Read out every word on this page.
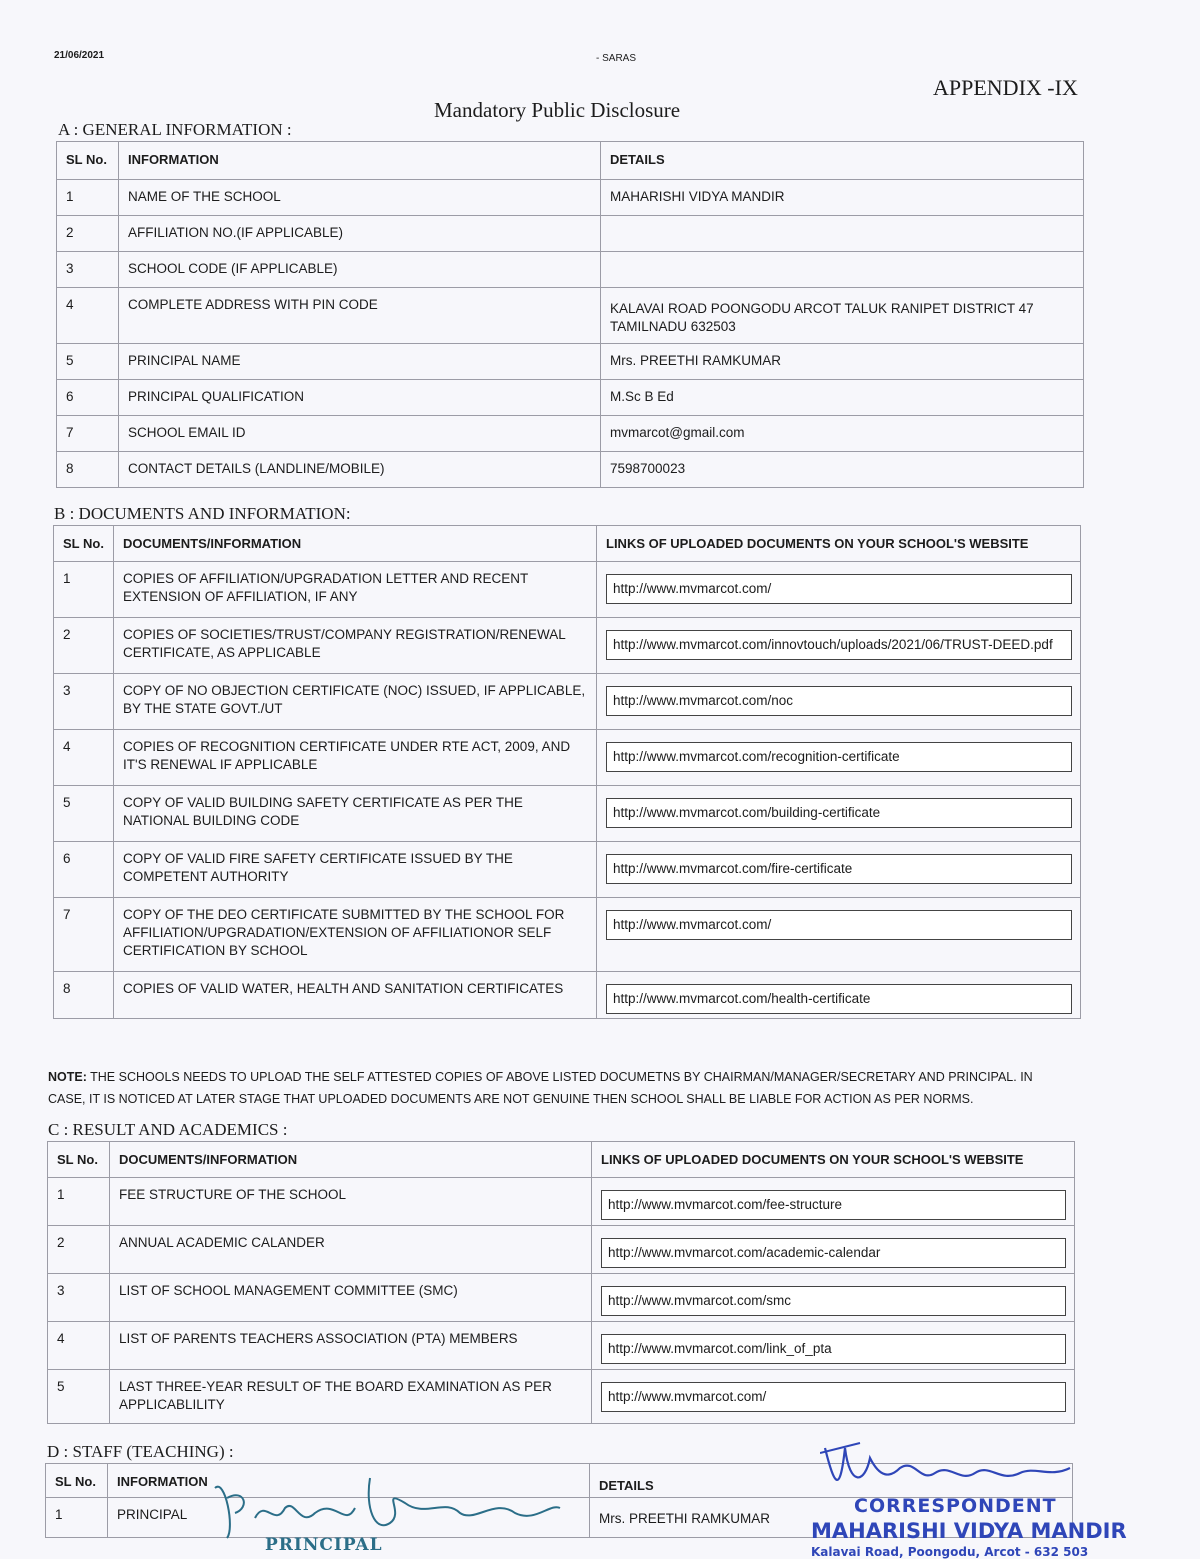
21/06/2021	- SARAS
APPENDIX -IX
Mandatory Public Disclosure
A : GENERAL INFORMATION :
SL No.	INFORMATION	DETAILS
1	NAME OF THE SCHOOL	MAHARISHI VIDYA MANDIR
2	AFFILIATION NO.(IF APPLICABLE)	
3	SCHOOL CODE (IF APPLICABLE)	
4	COMPLETE ADDRESS WITH PIN CODE	KALAVAI ROAD POONGODU ARCOT TALUK RANIPET DISTRICT 47 TAMILNADU 632503
5	PRINCIPAL NAME	Mrs. PREETHI RAMKUMAR
6	PRINCIPAL QUALIFICATION	M.Sc B Ed
7	SCHOOL EMAIL ID	mvmarcot@gmail.com
8	CONTACT DETAILS (LANDLINE/MOBILE)	7598700023
B : DOCUMENTS AND INFORMATION:
SL No.	DOCUMENTS/INFORMATION	LINKS OF UPLOADED DOCUMENTS ON YOUR SCHOOL'S WEBSITE
1	COPIES OF AFFILIATION/UPGRADATION LETTER AND RECENT EXTENSION OF AFFILIATION, IF ANY	http://www.mvmarcot.com/

2	COPIES OF SOCIETIES/TRUST/COMPANY REGISTRATION/RENEWAL CERTIFICATE, AS APPLICABLE	http://www.mvmarcot.com/innovtouch/uploads/2021/06/TRUST-DEED.pdf

3	COPY OF NO OBJECTION CERTIFICATE (NOC) ISSUED, IF APPLICABLE, BY THE STATE GOVT./UT	http://www.mvmarcot.com/noc

4	COPIES OF RECOGNITION CERTIFICATE UNDER RTE ACT, 2009, AND IT'S RENEWAL IF APPLICABLE	http://www.mvmarcot.com/recognition-certificate

5	COPY OF VALID BUILDING SAFETY CERTIFICATE AS PER THE NATIONAL BUILDING CODE	http://www.mvmarcot.com/building-certificate

6	COPY OF VALID FIRE SAFETY CERTIFICATE ISSUED BY THE COMPETENT AUTHORITY	http://www.mvmarcot.com/fire-certificate

7	COPY OF THE DEO CERTIFICATE SUBMITTED BY THE SCHOOL FOR AFFILIATION/UPGRADATION/EXTENSION OF AFFILIATIONOR SELF CERTIFICATION BY SCHOOL	http://www.mvmarcot.com/

8	COPIES OF VALID WATER, HEALTH AND SANITATION CERTIFICATES	http://www.mvmarcot.com/health-certificate
NOTE: THE SCHOOLS NEEDS TO UPLOAD THE SELF ATTESTED COPIES OF ABOVE LISTED DOCUMETNS BY CHAIRMAN/MANAGER/SECRETARY AND PRINCIPAL. IN CASE, IT IS NOTICED AT LATER STAGE THAT UPLOADED DOCUMENTS ARE NOT GENUINE THEN SCHOOL SHALL BE LIABLE FOR ACTION AS PER NORMS.
C : RESULT AND ACADEMICS :
SL No.	DOCUMENTS/INFORMATION	LINKS OF UPLOADED DOCUMENTS ON YOUR SCHOOL'S WEBSITE
1	FEE STRUCTURE OF THE SCHOOL	http://www.mvmarcot.com/fee-structure

2	ANNUAL ACADEMIC CALANDER	http://www.mvmarcot.com/academic-calendar

3	LIST OF SCHOOL MANAGEMENT COMMITTEE (SMC)	http://www.mvmarcot.com/smc

4	LIST OF PARENTS TEACHERS ASSOCIATION (PTA) MEMBERS	http://www.mvmarcot.com/link_of_pta

5	LAST THREE-YEAR RESULT OF THE BOARD EXAMINATION AS PER APPLICABLILITY	http://www.mvmarcot.com/
D : STAFF (TEACHING) :
SL No.	INFORMATION	DETAILS
1	PRINCIPAL	Mrs. PREETHI RAMKUMAR
PRINCIPAL
CORRESPONDENT
MAHARISHI VIDYA MANDIR
Kalavai Road, Poongodu, Arcot - 632 503
